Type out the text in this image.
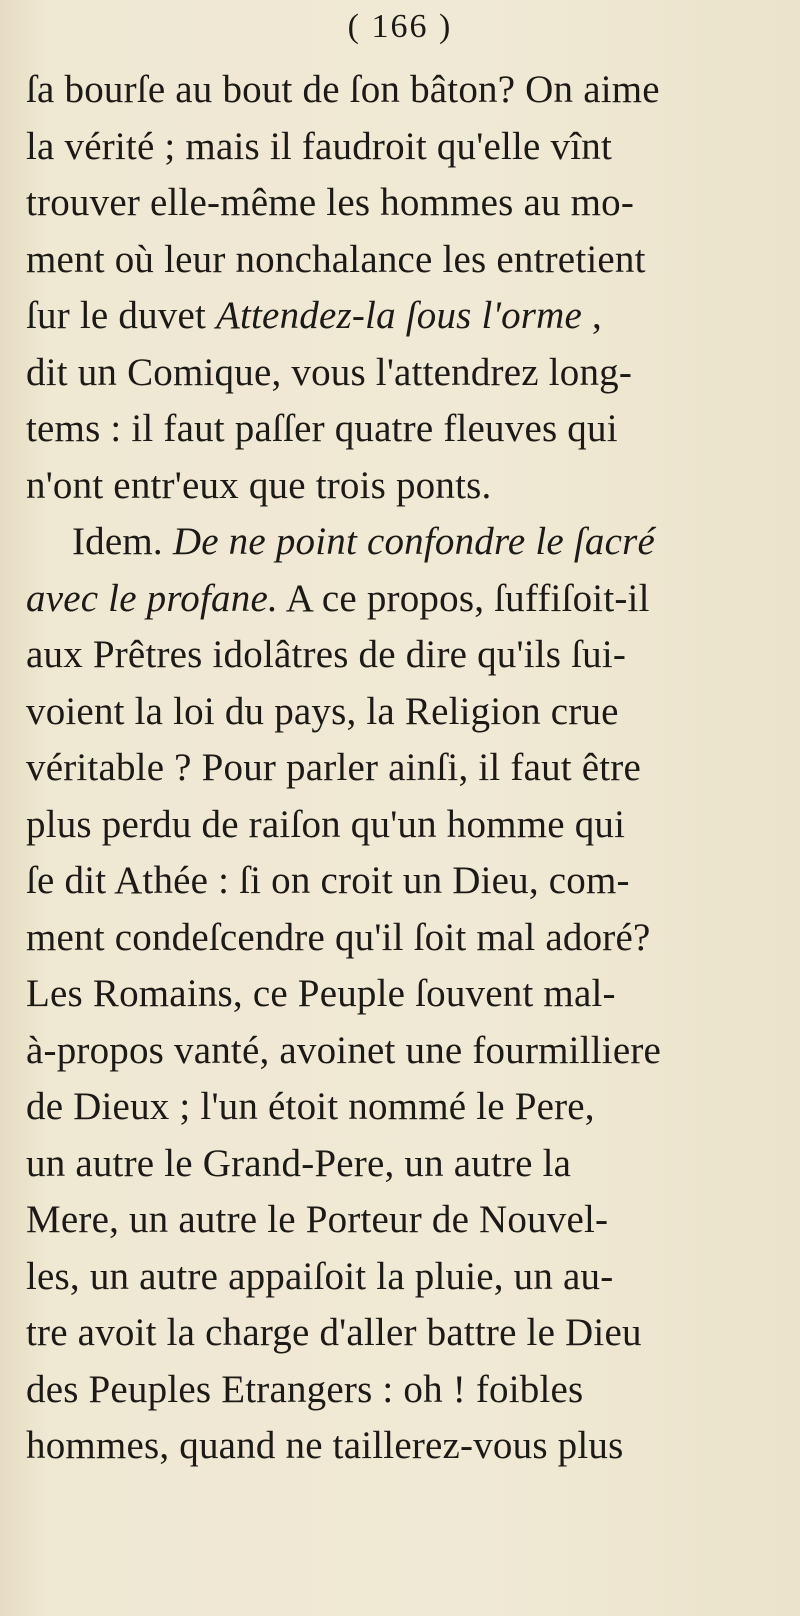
( 166 )
ſa bourſe au bout de ſon bâton? On aime
la vérité ; mais il faudroit qu'elle vînt
trouver elle-même les hommes au mo-
ment où leur nonchalance les entretient
ſur le duvet Attendez-la ſous l'orme ,
dit un Comique, vous l'attendrez long-
tems : il faut paſſer quatre fleuves qui
n'ont entr'eux que trois ponts.
Idem. De ne point confondre le ſacré
avec le profane. A ce propos, ſuffiſoit-il
aux Prêtres idolâtres de dire qu'ils ſui-
voient la loi du pays, la Religion crue
véritable ? Pour parler ainſi, il faut être
plus perdu de raiſon qu'un homme qui
ſe dit Athée : ſi on croit un Dieu, com-
ment condeſcendre qu'il ſoit mal adoré?
Les Romains, ce Peuple ſouvent mal-
à-propos vanté, avoinet une fourmilliere
de Dieux ; l'un étoit nommé le Pere,
un autre le Grand-Pere, un autre la
Mere, un autre le Porteur de Nouvel-
les, un autre appaiſoit la pluie, un au-
tre avoit la charge d'aller battre le Dieu
des Peuples Etrangers : oh ! foibles
hommes, quand ne taillerez-vous plus
